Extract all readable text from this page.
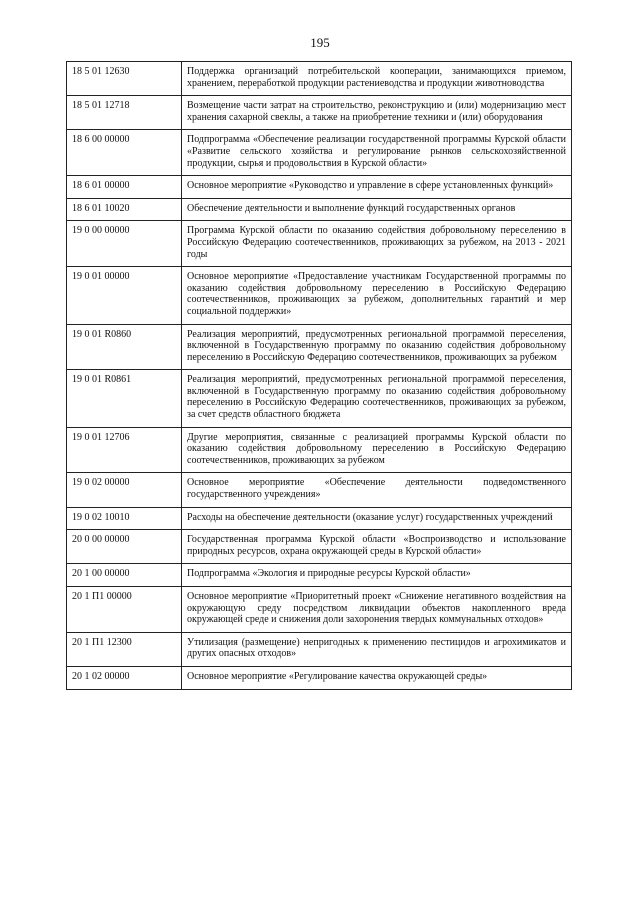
195
18 5 01 12630	Поддержка организаций потребительской кооперации, занимающихся приемом, хранением, переработкой продукции растениеводства и продукции животноводства
18 5 01 12718	Возмещение части затрат на строительство, реконструкцию и (или) модернизацию мест хранения сахарной свеклы, а также на приобретение техники и (или) оборудования
18 6 00 00000	Подпрограмма «Обеспечение реализации государственной программы Курской области «Развитие сельского хозяйства и регулирование рынков сельскохозяйственной продукции, сырья и продовольствия в Курской области»
18 6 01 00000	Основное мероприятие «Руководство и управление в сфере установленных функций»
18 6 01 10020	Обеспечение деятельности и выполнение функций государственных органов
19 0 00 00000	Программа Курской области по оказанию содействия добровольному переселению в Российскую Федерацию соотечественников, проживающих за рубежом, на 2013 - 2021 годы
19 0 01 00000	Основное мероприятие «Предоставление участникам Государственной программы по оказанию содействия добровольному переселению в Российскую Федерацию соотечественников, проживающих за рубежом, дополнительных гарантий и мер социальной поддержки»
19 0 01 R0860	Реализация мероприятий, предусмотренных региональной программой переселения, включенной в Государственную программу по оказанию содействия добровольному переселению в Российскую Федерацию соотечественников, проживающих за рубежом
19 0 01 R0861	Реализация мероприятий, предусмотренных региональной программой переселения, включенной в Государственную программу по оказанию содействия добровольному переселению в Российскую Федерацию соотечественников, проживающих за рубежом, за счет средств областного бюджета
19 0 01 12706	Другие мероприятия, связанные с реализацией программы Курской области по оказанию содействия добровольному переселению в Российскую Федерацию соотечественников, проживающих за рубежом
19 0 02 00000	Основное мероприятие «Обеспечение деятельности подведомственного государственного учреждения»
19 0 02 10010	Расходы на обеспечение деятельности (оказание услуг) государственных учреждений
20 0 00 00000	Государственная программа Курской области «Воспроизводство и использование природных ресурсов, охрана окружающей среды в Курской области»
20 1 00 00000	Подпрограмма «Экология и природные ресурсы Курской области»
20 1 П1 00000	Основное мероприятие «Приоритетный проект «Снижение негативного воздействия на окружающую среду посредством ликвидации объектов накопленного вреда окружающей среде и снижения доли захоронения твердых коммунальных отходов»
20 1 П1 12300	Утилизация (размещение) непригодных к применению пестицидов и агрохимикатов и других опасных отходов»
20 1 02 00000	Основное мероприятие «Регулирование качества окружающей среды»
